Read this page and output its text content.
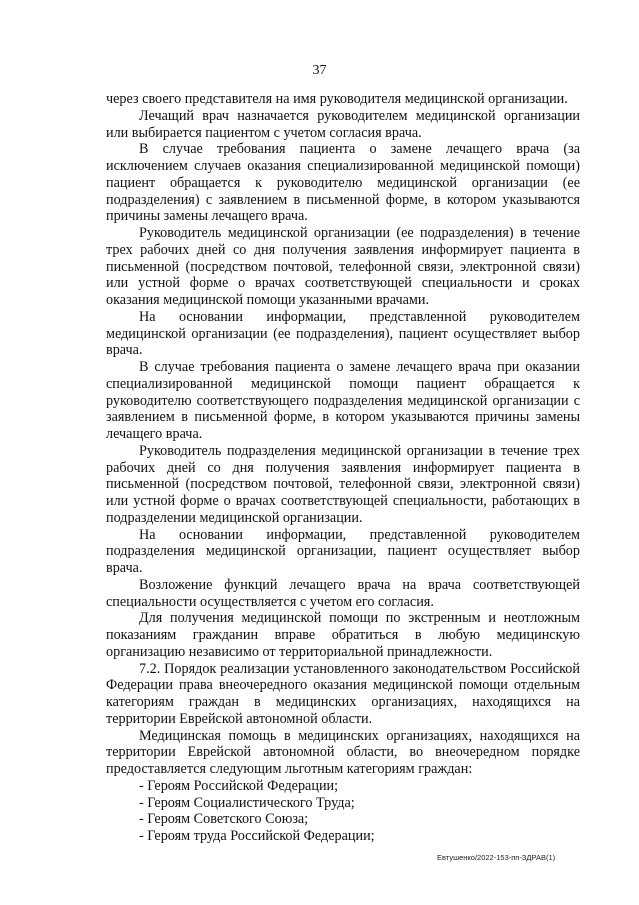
37

через своего представителя на имя руководителя медицинской организации.

Лечащий врач назначается руководителем медицинской организации или выбирается пациентом с учетом согласия врача.

В случае требования пациента о замене лечащего врача (за исключением случаев оказания специализированной медицинской помощи) пациент обращается к руководителю медицинской организации (ее подразделения) с заявлением в письменной форме, в котором указываются причины замены лечащего врача.

Руководитель медицинской организации (ее подразделения) в течение трех рабочих дней со дня получения заявления информирует пациента в письменной (посредством почтовой, телефонной связи, электронной связи) или устной форме о врачах соответствующей специальности и сроках оказания медицинской помощи указанными врачами.

На основании информации, представленной руководителем медицинской организации (ее подразделения), пациент осуществляет выбор врача.

В случае требования пациента о замене лечащего врача при оказании специализированной медицинской помощи пациент обращается к руководителю соответствующего подразделения медицинской организации с заявлением в письменной форме, в котором указываются причины замены лечащего врача.

Руководитель подразделения медицинской организации в течение трех рабочих дней со дня получения заявления информирует пациента в письменной (посредством почтовой, телефонной связи, электронной связи) или устной форме о врачах соответствующей специальности, работающих в подразделении медицинской организации.

На основании информации, представленной руководителем подразделения медицинской организации, пациент осуществляет выбор врача.

Возложение функций лечащего врача на врача соответствующей специальности осуществляется с учетом его согласия.

Для получения медицинской помощи по экстренным и неотложным показаниям гражданин вправе обратиться в любую медицинскую организацию независимо от территориальной принадлежности.

7.2. Порядок реализации установленного законодательством Российской Федерации права внеочередного оказания медицинской помощи отдельным категориям граждан в медицинских организациях, находящихся на территории Еврейской автономной области.

Медицинская помощь в медицинских организациях, находящихся на территории Еврейской автономной области, во внеочередном порядке предоставляется следующим льготным категориям граждан:

- Героям Российской Федерации;

- Героям Социалистического Труда;

- Героям Советского Союза;

- Героям труда Российской Федерации;

Евтушенко/2022-153-пп-ЗДРАВ(1)
